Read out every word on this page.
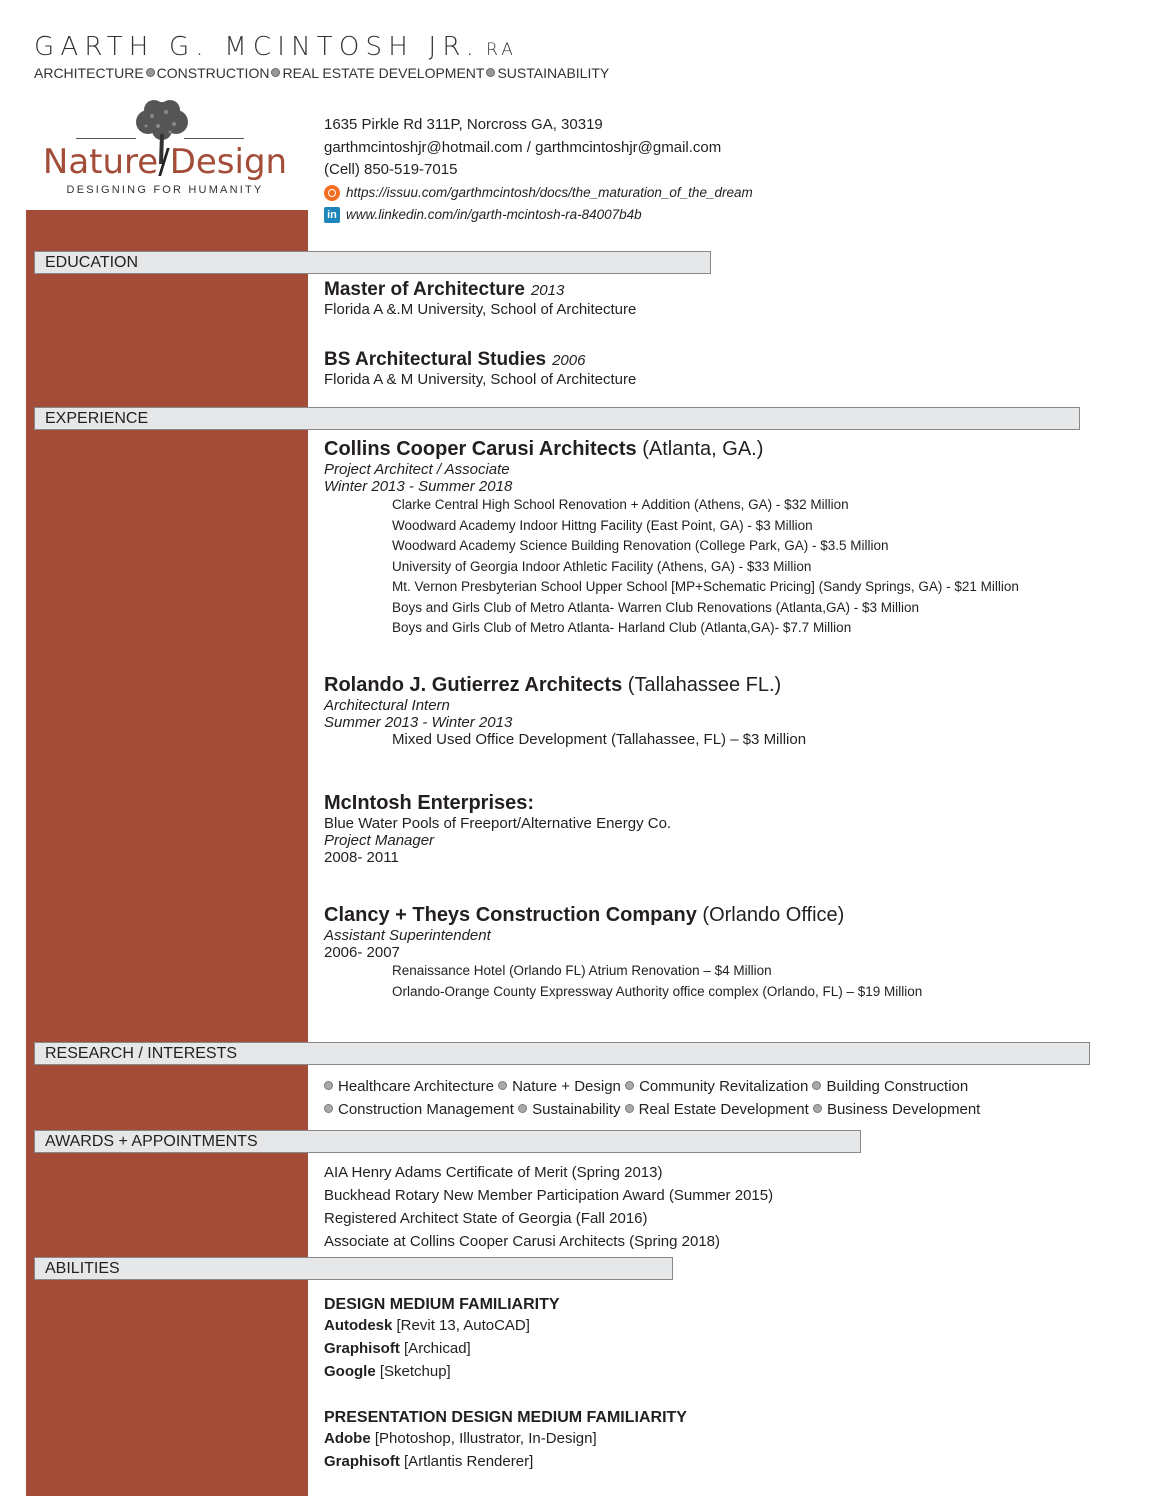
GARTH G. MCINTOSH JR. RA
ARCHITECTURE CONSTRUCTION REAL ESTATE DEVELOPMENT SUSTAINABILITY
Nature/Design
DESIGNING FOR HUMANITY
1635 Pirkle Rd 311P, Norcross GA, 30319
garthmcintoshjr@hotmail.com / garthmcintoshjr@gmail.com
(Cell) 850-519-7015
https://issuu.com/garthmcintosh/docs/the_maturation_of_the_dream
in www.linkedin.com/in/garth-mcintosh-ra-84007b4b
EDUCATION
Master of Architecture 2013
Florida A &.M University, School of Architecture
BS Architectural Studies 2006
Florida A & M University, School of Architecture
EXPERIENCE
Collins Cooper Carusi Architects (Atlanta, GA.)
Project Architect / Associate
Winter 2013 - Summer 2018
Clarke Central High School Renovation + Addition (Athens, GA) - $32 Million
Woodward Academy Indoor Hittng Facility (East Point, GA) - $3 Million
Woodward Academy Science Building Renovation (College Park, GA) - $3.5 Million
University of Georgia Indoor Athletic Facility (Athens, GA) - $33 Million
Mt. Vernon Presbyterian School Upper School [MP+Schematic Pricing] (Sandy Springs, GA) - $21 Million
Boys and Girls Club of Metro Atlanta- Warren Club Renovations (Atlanta,GA) - $3 Million
Boys and Girls Club of Metro Atlanta- Harland Club (Atlanta,GA)- $7.7 Million
Rolando J. Gutierrez Architects (Tallahassee FL.)
Architectural Intern
Summer 2013 - Winter 2013
Mixed Used Office Development (Tallahassee, FL) – $3 Million
McIntosh Enterprises:
Blue Water Pools of Freeport/Alternative Energy Co.
Project Manager
2008- 2011
Clancy + Theys Construction Company (Orlando Office)
Assistant Superintendent
2006- 2007
Renaissance Hotel (Orlando FL) Atrium Renovation – $4 Million
Orlando-Orange County Expressway Authority office complex (Orlando, FL) – $19 Million
RESEARCH / INTERESTS
Healthcare Architecture Nature + Design Community Revitalization Building Construction
Construction Management Sustainability Real Estate Development Business Development
AWARDS + APPOINTMENTS
AIA Henry Adams Certificate of Merit (Spring 2013)
Buckhead Rotary New Member Participation Award (Summer 2015)
Registered Architect State of Georgia (Fall 2016)
Associate at Collins Cooper Carusi Architects (Spring 2018)
ABILITIES
DESIGN MEDIUM FAMILIARITY
Autodesk [Revit 13, AutoCAD]
Graphisoft [Archicad]
Google [Sketchup]
PRESENTATION DESIGN MEDIUM FAMILIARITY
Adobe [Photoshop, Illustrator, In-Design]
Graphisoft [Artlantis Renderer]
